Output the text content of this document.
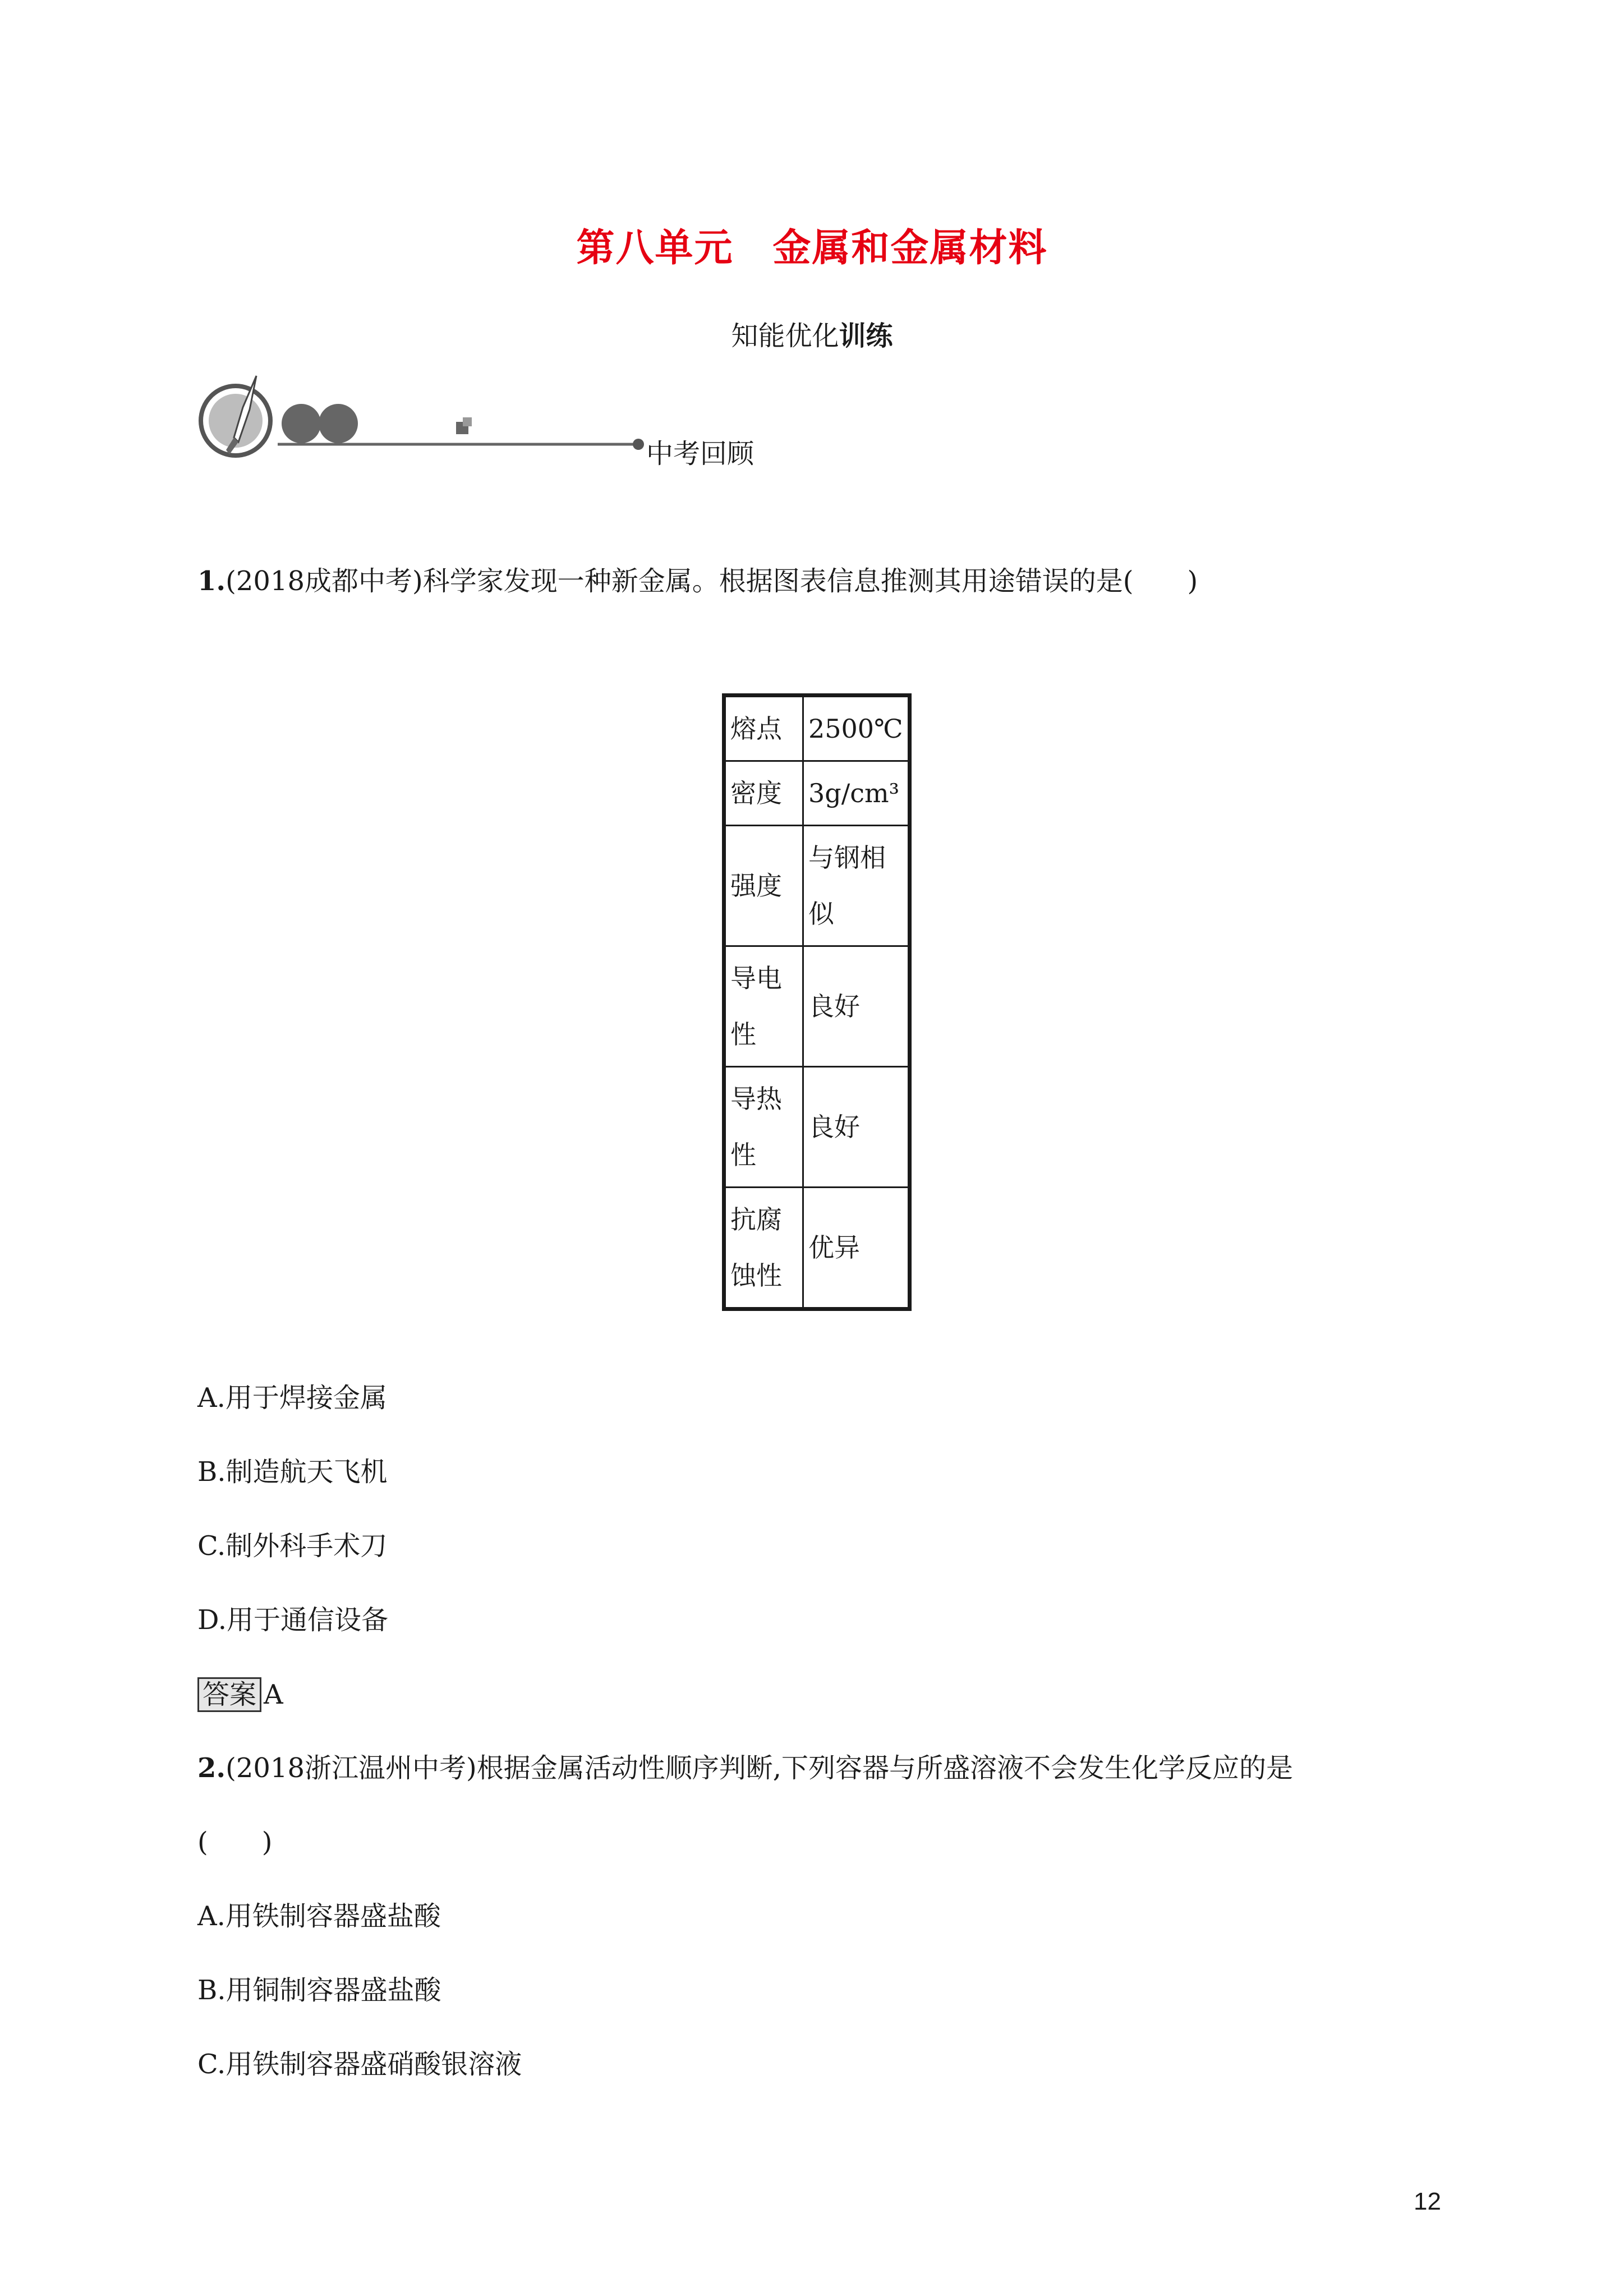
第八单元　金属和金属材料
知能优化训练
中考回顾
1.(2018成都中考)科学家发现一种新金属。根据图表信息推测其用途错误的是(　　)
熔点	2500℃
密度	3g/cm³
强度	与钢相似
导电性	良好
导热性	良好
抗腐蚀性	优异
A.用于焊接金属
B.制造航天飞机
C.制外科手术刀
D.用于通信设备
答案 A
2.(2018浙江温州中考)根据金属活动性顺序判断,下列容器与所盛溶液不会发生化学反应的是
(　　)
A.用铁制容器盛盐酸
B.用铜制容器盛盐酸
C.用铁制容器盛硝酸银溶液
12
